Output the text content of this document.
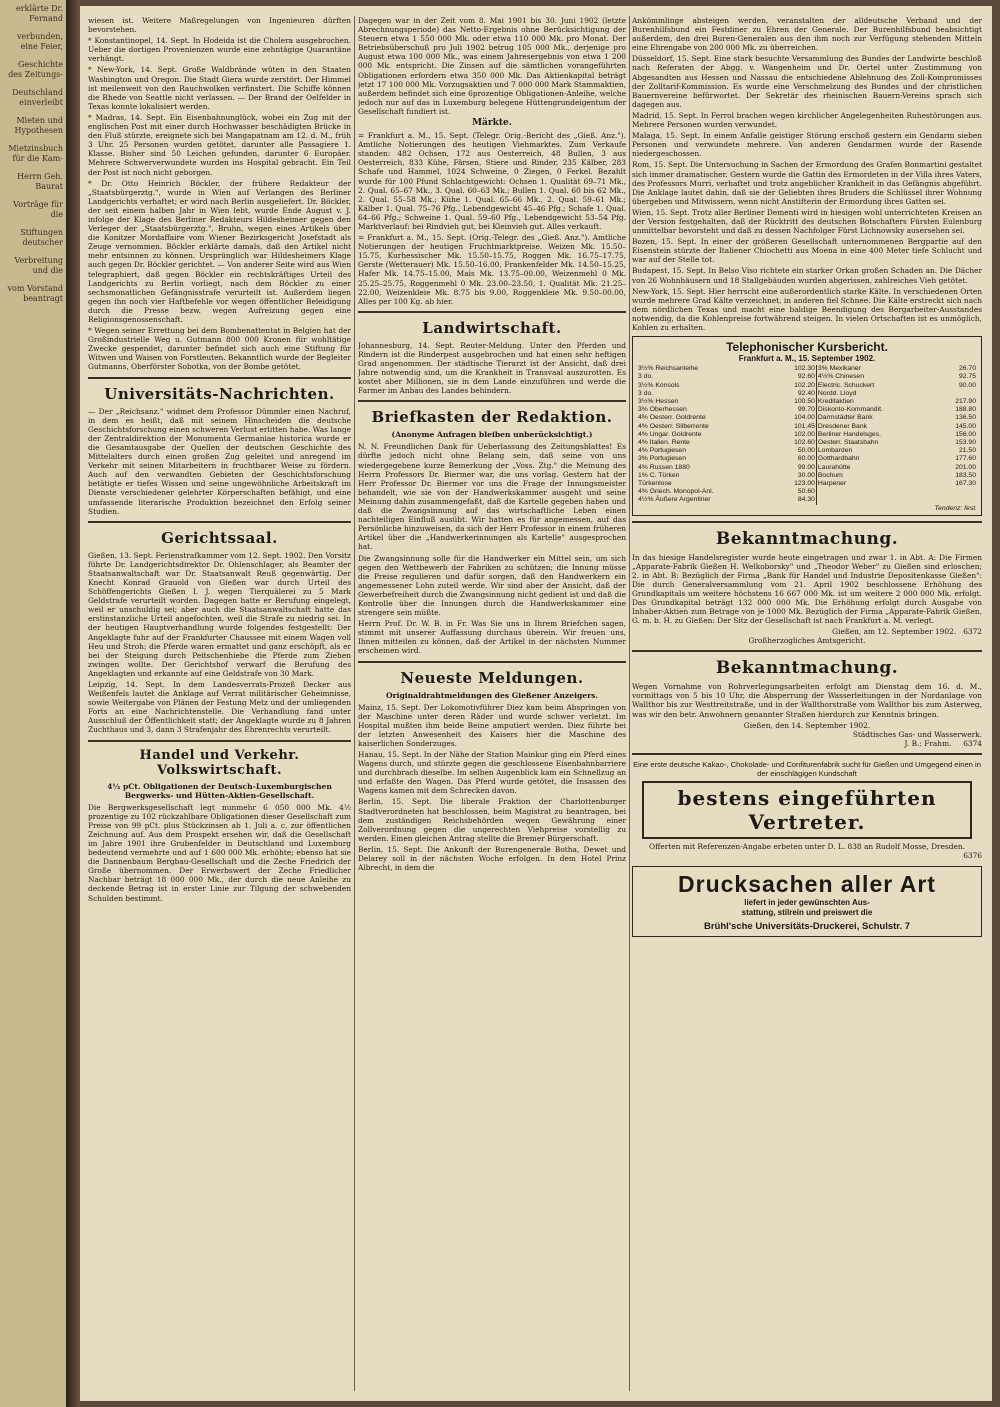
erklärte Dr. Fernand

verbunden, eine Feier,

Geschichte des Zeitungs-

Deutschland einverleibt

Mieten und Hypothesen

Mietzinsbuch für die Kam-

Herrn Geh. Baurat

Vorträge für die

Stiftungen deutscher

Verbreitung und die

vom Vorstand beantragt

wiesen ist. Weitere Maßregelungen von Ingenieuren dürften bevorstehen.

* Konstantinopel, 14. Sept. In Hodeida ist die Cholera ausgebrochen. Ueber die dortigen Provenienzen wurde eine zehntägige Quarantäne verhängt.

* New-York, 14. Sept. Große Waldbrände wüten in den Staaten Washington und Oregon. Die Stadt Giera wurde zerstört. Der Himmel ist meilenweit von den Rauchwolken verfinstert. Die Schiffe können die Rhede von Seattle nicht verlassen. — Der Brand der Oelfelder in Texas konnte lokalisiert werden.

* Madras, 14. Sept. Ein Eisenbahnunglück, wobei ein Zug mit der englischen Post mit einer durch Hochwasser beschädigten Brücke in den Fluß stürzte, ereignete sich bei Mangapatnam am 12. d. M., früh 3 Uhr. 25 Personen wurden getötet, darunter alle Passagiere 1. Klasse. Bisher sind 50 Leichen gefunden, darunter 6 Europäer. Mehrere Schwerverwundete wurden ins Hospital gebracht. Ein Teil der Post ist noch nicht geborgen.

* Dr. Otto Heinrich Böckler, der frühere Redakteur der „Staatsbürgerztg.", wurde in Wien auf Verlangen des Berliner Landgerichts verhaftet; er wird nach Berlin ausgeliefert. Dr. Böckler, der seit einem halben Jahr in Wien lebt, wurde Ende August v. J. infolge der Klage des Berliner Redakteurs Hildesheimer gegen den Verleger der „Staatsbürgerztg.", Bruhn, wegen eines Artikels über die Konitzer Mordaffaire vom Wiener Bezirksgericht Josefstadt als Zeuge vernommen. Böckler erklärte damals, daß den Artikel nicht mehr entsinnen zu können. Ursprünglich war Hildesheimers Klage auch gegen Dr. Böckler gerichtet. — Von anderer Seite wird aus Wien telegraphiert, daß gegen Böckler ein rechtskräftiges Urteil des Landgerichts zu Berlin vorliegt, nach dem Böckler zu einer sechsmonatlichen Gefängnisstrafe verurteilt ist. Außerdem liegen gegen ihn noch vier Haftbefehle vor wegen öffentlicher Beleidigung durch die Presse bezw. wegen Aufreizung gegen eine Religionsgenossenschaft.

* Wegen seiner Errettung bei dem Bombenattentat in Belgien hat der Großindustrielle Weg u. Gutmann 800 000 Kronen für wohltätige Zwecke gespendet, darunter befindet sich auch eine Stiftung für Witwen und Waisen von Forstleuten. Bekanntlich wurde der Begleiter Gutmanns, Oberförster Sobotka, von der Bombe getötet.

Universitäts-Nachrichten.

— Der „Reichsanz." widmet dem Professor Dümmler einen Nachruf, in dem es heißt, daß mit seinem Hinscheiden die deutsche Geschichtsforschung einen schweren Verlust erlitten habe. Was lange der Zentraldirektion der Monumenta Germaniae historica wurde er die Gesamtausgabe der Quellen der deutschen Geschichte des Mittelalters durch einen großen Zug geleitet und anregend im Verkehr mit seinen Mitarbeitern in fruchtbarer Weise zu fördern. Auch auf den verwandten Gebieten der Geschichtsforschung betätigte er tiefes Wissen und seine ungewöhnliche Arbeitskraft im Dienste verschiedener gelehrter Körperschaften befähigt, und eine umfassende literarische Produktion bezeichnet den Erfolg seiner Studien.

Gerichtssaal.

Gießen, 13. Sept. Ferienstrafkammer vom 12. Sept. 1902. Den Vorsitz führte Dr. Landgerichtsdirektor Dr. Ohlenschlager, als Beamter der Staatsanwaltschaft war Dr. Staatsanwalt Reuß gegenwärtig. Der Knecht Konrad Grauold von Gießen war durch Urteil des Schöffengerichts Gießen I. J. wegen Tierquälerei zu 5 Mark Geldstrafe verurteilt worden. Dagegen hatte er Berufung eingelegt, weil er unschuldig sei; aber auch die Staatsanwaltschaft hatte das erstinstanzliche Urteil angefochten, weil die Strafe zu niedrig sei. In der heutigen Hauptverhandlung wurde folgendes festgestellt: Der Angeklagte fuhr auf der Frankfurter Chaussee mit einem Wagen voll Heu und Stroh; die Pferde waren ermattet und ganz erschöpft, als er bei der Steigung durch Peitschenhiebe die Pferde zum Ziehen zwingen wollte. Der Gerichtshof verwarf die Berufung des Angeklagten und erkannte auf eine Geldstrafe von 30 Mark.

Leipzig, 14. Sept. In dem Landesverrats-Prozeß Decker aus Weißenfels lautet die Anklage auf Verrat militärischer Geheimnisse, sowie Weitergabe von Plänen der Festung Metz und der umliegenden Forts an eine Nachrichtenstelle. Die Verhandlung fand unter Ausschluß der Öffentlichkeit statt; der Angeklagte wurde zu 8 Jahren Zuchthaus und 3, dann 3 Strafenjahr des Ehrenrechts verurteilt.

Handel und Verkehr. Volkswirtschaft.
4½ pCt. Obligationen der Deutsch-Luxemburgischen Bergwerks- und Hütten-Aktien-Gesellschaft.

Die Bergwerksgesellschaft legt nunmehr 6 050 000 Mk. 4½ prozentige zu 102 rückzahlbare Obligationen dieser Gesellschaft zum Preise von 99 pCt. plus Stückzinsen ab 1. Juli a. c. zur öffentlichen Zeichnung auf. Aus dem Prospekt ersehen wir, daß die Gesellschaft im Jahre 1901 ihre Grubenfelder in Deutschland und Luxemburg bedeutend vermehrte und auf 1 600 000 Mk. erhöhte; ebenso hat sie die Dannenbaum Bergbau-Gesellschaft und die Zeche Friedrich der Große übernommen. Der Erwerbswert der Zeche Friedlicher Nachbar beträgt 18 000 000 Mk., der durch die neue Anleihe zu deckende Betrag ist in erster Linie zur Tilgung der schwebenden Schulden bestimmt.

Dagegen war in der Zeit vom 8. Mai 1901 bis 30. Juni 1902 (letzte Abrechnungsperiode) das Netto-Ergebnis ohne Berücksichtigung der Steuern etwa 1 550 000 Mk. oder etwa 110 000 Mk. pro Monat. Der Betriebsüberschuß pro Juli 1902 betrug 105 000 Mk., derjenige pro August etwa 100 000 Mk., was einem Jahresergebnis von etwa 1 200 000 Mk. entspricht. Die Zinsen auf die sämtlichen vorangeführten Obligationen erfordern etwa 350 000 Mk. Das Aktienkapital beträgt jetzt 17 100 000 Mk. Vorzugsaktien und 7 000 000 Mark Stammaktien, außerdem befindet sich eine 6prozentige Obligationen-Anleihe, welche jedoch nur auf das in Luxemburg belegene Hüttengrundeigentum der Gesellschaft fundiert ist.

Märkte.

= Frankfurt a. M., 15. Sept. (Telegr. Orig.-Bericht des „Gieß. Anz."). Amtliche Notierungen des heutigen Viehmarktes. Zum Verkaufe standen: 482 Ochsen, 172 aus Oesterreich, 48 Bullen, 3 aus Oesterreich, 833 Kühe, Färsen, Stiere und Rinder, 235 Kälber, 283 Schafe und Hammel, 1024 Schweine, 0 Ziegen, 0 Ferkel. Bezahlt wurde für 100 Pfund Schlachtgewicht: Ochsen 1. Qualität 69–71 Mk., 2. Qual. 65–67 Mk., 3. Qual. 60–63 Mk.; Bullen 1. Qual. 60 bis 62 Mk., 2. Qual. 55–58 Mk.; Kühe 1. Qual. 65–66 Mk., 2. Qual. 59–61 Mk.; Kälber 1. Qual. 75–76 Pfg., Lebendgewicht 45–46 Pfg.; Schafe 1. Qual. 64–66 Pfg.; Schweine 1. Qual. 59–60 Pfg., Lebendgewicht 53–54 Pfg. Marktverlauf: bei Rindvieh gut, bei Kleinvieh gut. Alles verkauft.

= Frankfurt a. M., 15. Sept. (Orig.-Telegr. des „Gieß. Anz."). Amtliche Notierungen der heutigen Fruchtmarktpreise. Weizen Mk. 15.50–15.75, Kurhessischer Mk. 15.50–15.75, Roggen Mk. 16.75–17.75, Gerste (Wetterauer) Mk. 15.50–16.00, Frankenfelder Mk. 14.50–15.25, Hafer Mk. 14.75–15.00, Mais Mk. 13.75–00.00, Weizenmehl 0 Mk. 25.25–25.75, Roggenmehl 0 Mk. 23.00–23.50, 1. Qualität Mk. 21.25–22.00, Weizenkleie Mk. 8.75 bis 9.00, Roggenkleie Mk. 9.50–00.00, Alles per 100 Kg. ab hier.

Landwirtschaft.

Johannesburg, 14. Sept. Reuter-Meldung. Unter den Pferden und Rindern ist die Rinderpest ausgebrochen und hat einen sehr heftigen Grad angenommen. Der städtische Tierarzt ist der Ansicht, daß drei Jahre notwendig sind, um die Krankheit in Transvaal auszurotten. Es kostet aber Millionen, sie in dem Lande einzuführen und werde die Farmer im Anbau des Landes behindern.

Briefkasten der Redaktion.
(Anonyme Anfragen bleiben unberücksichtigt.)

N. N. Freundlichen Dank für Ueberlassung des Zeitungsblattes! Es dürfte jedoch nicht ohne Belang sein, daß seine von uns wiedergegebene kurze Bemerkung der „Voss. Ztg." die Meinung des Herrn Professors Dr. Biermer war, die uns vorlag. Gestern hat der Herr Professor Dr. Biermer vor uns die Frage der Innungsmeister behandelt, wie sie von der Handwerkskammer ausgeht und seine Meinung dahin zusammengefaßt, daß die Kartelle gegeben haben und daß die Zwangsinnung auf das wirtschaftliche Leben einen nachteiligen Einfluß ausübt. Wir hatten es für angemessen, auf das Persönliche hinzuweisen, da sich der Herr Professor in einem früheren Artikel über die „Handwerkerinnungen als Kartelle" ausgesprochen hat.

Die Zwangsinnung solle für die Handwerker ein Mittel sein, um sich gegen den Wettbewerb der Fabriken zu schützen; die Innung müsse die Preise regulieren und dafür sorgen, daß den Handwerkern ein angemessener Lohn zuteil werde. Wir sind aber der Ansicht, daß der Gewerbefreiheit durch die Zwangsinnung nicht gedient ist und daß die Kontrolle über die Innungen durch die Handwerkskammer eine strengere sein müßte.

Herrn Prof. Dr. W. B. in Fr. Was Sie uns in Ihrem Briefchen sagen, stimmt mit unserer Auffassung durchaus überein. Wir freuen uns, Ihnen mitteilen zu können, daß der Artikel in der nächsten Nummer erscheinen wird.

Neueste Meldungen.
Originaldrahtmeldungen des Gießener Anzeigers.

Mainz, 15. Sept. Der Lokomotivführer Diez kam beim Abspringen von der Maschine unter deren Räder und wurde schwer verletzt. Im Hospital mußten ihm beide Beine amputiert werden. Diez führte bei der letzten Anwesenheit des Kaisers hier die Maschine des kaiserlichen Sonderzuges.

Hanau, 15. Sept. In der Nähe der Station Mainkur ging ein Pferd eines Wagens durch, und stürzte gegen die geschlossene Eisenbahnbarriere und durchbrach dieselbe. Im selben Augenblick kam ein Schnellzug an und erfaßte den Wagen. Das Pferd wurde getötet, die Insassen des Wagens kamen mit dem Schrecken davon.

Berlin, 15. Sept. Die liberale Fraktion der Charlottenburger Stadtverordneten hat beschlossen, beim Magistrat zu beantragen, bei dem zuständigen Reichsbehörden wegen Gewährung einer Zollverordnung gegen die ungerechten Viehpreise vorstellig zu werden. Einen gleichen Antrag stellte die Bremer Bürgerschaft.

Berlin, 15. Sept. Die Ankunft der Burengenerale Botha, Dewet und Delarey soll in der nächsten Woche erfolgen. In dem Hotel Prinz Albrecht, in dem die

Ankömmlinge absteigen werden, veranstalten der alldeutsche Verband und der Burenhilfsbund ein Festdiner zu Ehren der Generale. Der Burenhilfsbund beabsichtigt außerdem, den drei Buren-Generalen aus den ihm noch zur Verfügung stehenden Mitteln eine Ehrengabe von 200 000 Mk. zu überreichen.

Düsseldorf, 15. Sept. Eine stark besuchte Versammlung des Bundes der Landwirte beschloß nach Referaten der Abgg. v. Wangenheim und Dr. Oertel unter Zustimmung von Abgesandten aus Hessen und Nassau die entschiedene Ablehnung des Zoll-Kompromisses der Zolltarif-Kommission. Es wurde eine Verschmelzung des Bundes und der christlichen Bauernvereine befürwortet. Der Sekretär des rheinischen Bauern-Vereins sprach sich dagegen aus.

Madrid, 15. Sept. In Ferrol brachen wegen kirchlicher Angelegenheiten Ruhestörungen aus. Mehrere Personen wurden verwundet.

Malaga, 15. Sept. In einem Anfalle geistiger Störung erschoß gestern ein Gendarm sieben Personen und verwundete mehrere. Von anderen Gendarmen wurde der Rasende niedergeschossen.

Rom, 15. Sept. Die Untersuchung in Sachen der Ermordung des Grafen Bonmartini gestaltet sich immer dramatischer. Gestern wurde die Gattin des Ermordeten in der Villa ihres Vaters, des Professors Murri, verhaftet und trotz angeblicher Krankheit in das Gefängnis abgeführt. Die Anklage lautet dahin, daß sie der Geliebten ihres Bruders die Schlüssel ihrer Wohnung übergeben und Mitwissern, wenn nicht Anstifterin der Ermordung ihres Gatten sei.

Wien, 15. Sept. Trotz aller Berliner Dementi wird in hiesigen wohl unterrichteten Kreisen an der Version festgehalten, daß der Rücktritt des deutschen Botschafters Fürsten Eulenburg unmittelbar bevorsteht und daß zu dessen Nachfolger Fürst Lichnowsky ausersehen sei.

Bozen, 15. Sept. In einer der größeren Gesellschaft unternommenen Bergpartie auf den Eisenstein stürzte der Italiener Chiochetti aus Moena in eine 400 Meter tiefe Schlucht und war auf der Stelle tot.

Budapest, 15. Sept. In Belso Viso richtete ein starker Orkan großen Schaden an. Die Dächer von 26 Wohnhäusern und 18 Stallgebäuden wurden abgerissen, zahlreiches Vieh getötet.

New-York, 15. Sept. Hier herrscht eine außerordentlich starke Kälte. In verschiedenen Orten wurde mehrere Grad Kälte verzeichnet, in anderen fiel Schnee. Die Kälte erstreckt sich nach dem nördlichen Texas und macht eine baldige Beendigung des Bergarbeiter-Ausstandes notwendig, da die Kohlenpreise fortwährend steigen. In vielen Ortschaften ist es unmöglich, Kohlen zu erhalten.

Telephonischer Kursbericht.
Frankfurt a. M., 15. September 1902.
3½% Reichsanleihe	102.30	3% Mexikaner	26.70
3 do.	92.60	4½% Chinesen	92.75
3½% Konsols	102.20	Electric. Schuckert	90.00
3 do.	92.40	Nordd. Lloyd	
3½% Hessen	100.50	Kreditaktien	217.90
3% Oberhessen	99.70	Diskonto-Kommandit.	188.80
4% Oesterr. Goldrente	104.00	Darmstädter Bank	136.50
4% Oesterr. Silberrente	101.45	Dresdener Bank	145.00
4% Ungar. Goldrente	102.00	Berliner Handelsges.	156.00
4% Italien. Rente	102.60	Oesterr. Staatsbahn	153.90
4% Portugiesen	50.00	Lombarden	21.50
3% Portugiesen	60.00	Gotthardbahn	177.60
4% Russen 1880	99.00	Laurahütte	201.00
1% C. Türken	30.00	Bochum	183.50
Türkenlose	123.00	Harpener	167.30
4% Griech. Monopol-Anl.	50.60		
4½% Äußere Argentiner	84.30		
Tendenz: fest.
Bekanntmachung.

In das hiesige Handelsregister wurde heute eingetragen und zwar 1. in Abt. A: Die Firmen „Apparate-Fabrik Gießen H. Welkoborsky" und „Theodor Weber" zu Gießen sind erloschen; 2. in Abt. B: Bezüglich der Firma „Bank für Handel und Industrie Depositenkasse Gießen": Die durch Generalversammlung vom 21. April 1902 beschlossene Erhöhung des Grundkapitals um weitere höchstens 16 667 000 Mk. ist um weitere 2 000 000 Mk. erfolgt. Das Grundkapital beträgt 132 000 000 Mk. Die Erhöhung erfolgt durch Ausgabe von Inhaber-Aktien zum Betrage von je 1000 Mk. Bezüglich der Firma „Apparate-Fabrik Gießen, G. m. b. H. zu Gießen: Der Sitz der Gesellschaft ist nach Frankfurt a. M. verlegt.

Gießen, am 12. September 1902. 6372
Großherzogliches Amtsgericht.
Bekanntmachung.

Wegen Vornahme von Rohrverlegungsarbeiten erfolgt am Dienstag dem 16. d. M., vormittags von 5 bis 10 Uhr, die Absperrung der Wasserleitungen in der Nordanlage von Wallthor bis zur Westtreitstraße, und in der Wallthorstraße vom Wallthor bis zum Asterweg, was wir den betr. Anwohnern genannter Straßen hierdurch zur Kenntnis bringen.

Gießen, den 14. September 1902.
Städtisches Gas- und Wasserwerk.
J. B.: Frahm. 6374
Eine erste deutsche Kakao-, Chokolade- und Confiturenfabrik sucht für Gießen und Umgegend einen in der einschlägigen Kundschaft
bestens eingeführten Vertreter.
Offerten mit Referenzen-Angabe erbeten unter D. L. 838 an Rudolf Mosse, Dresden.
6376
Drucksachen aller Art
liefert in jeder gewünschten Aus-
stattung, stilrein und preiswert die
Brühl'sche Universitäts-Druckerei, Schulstr. 7
